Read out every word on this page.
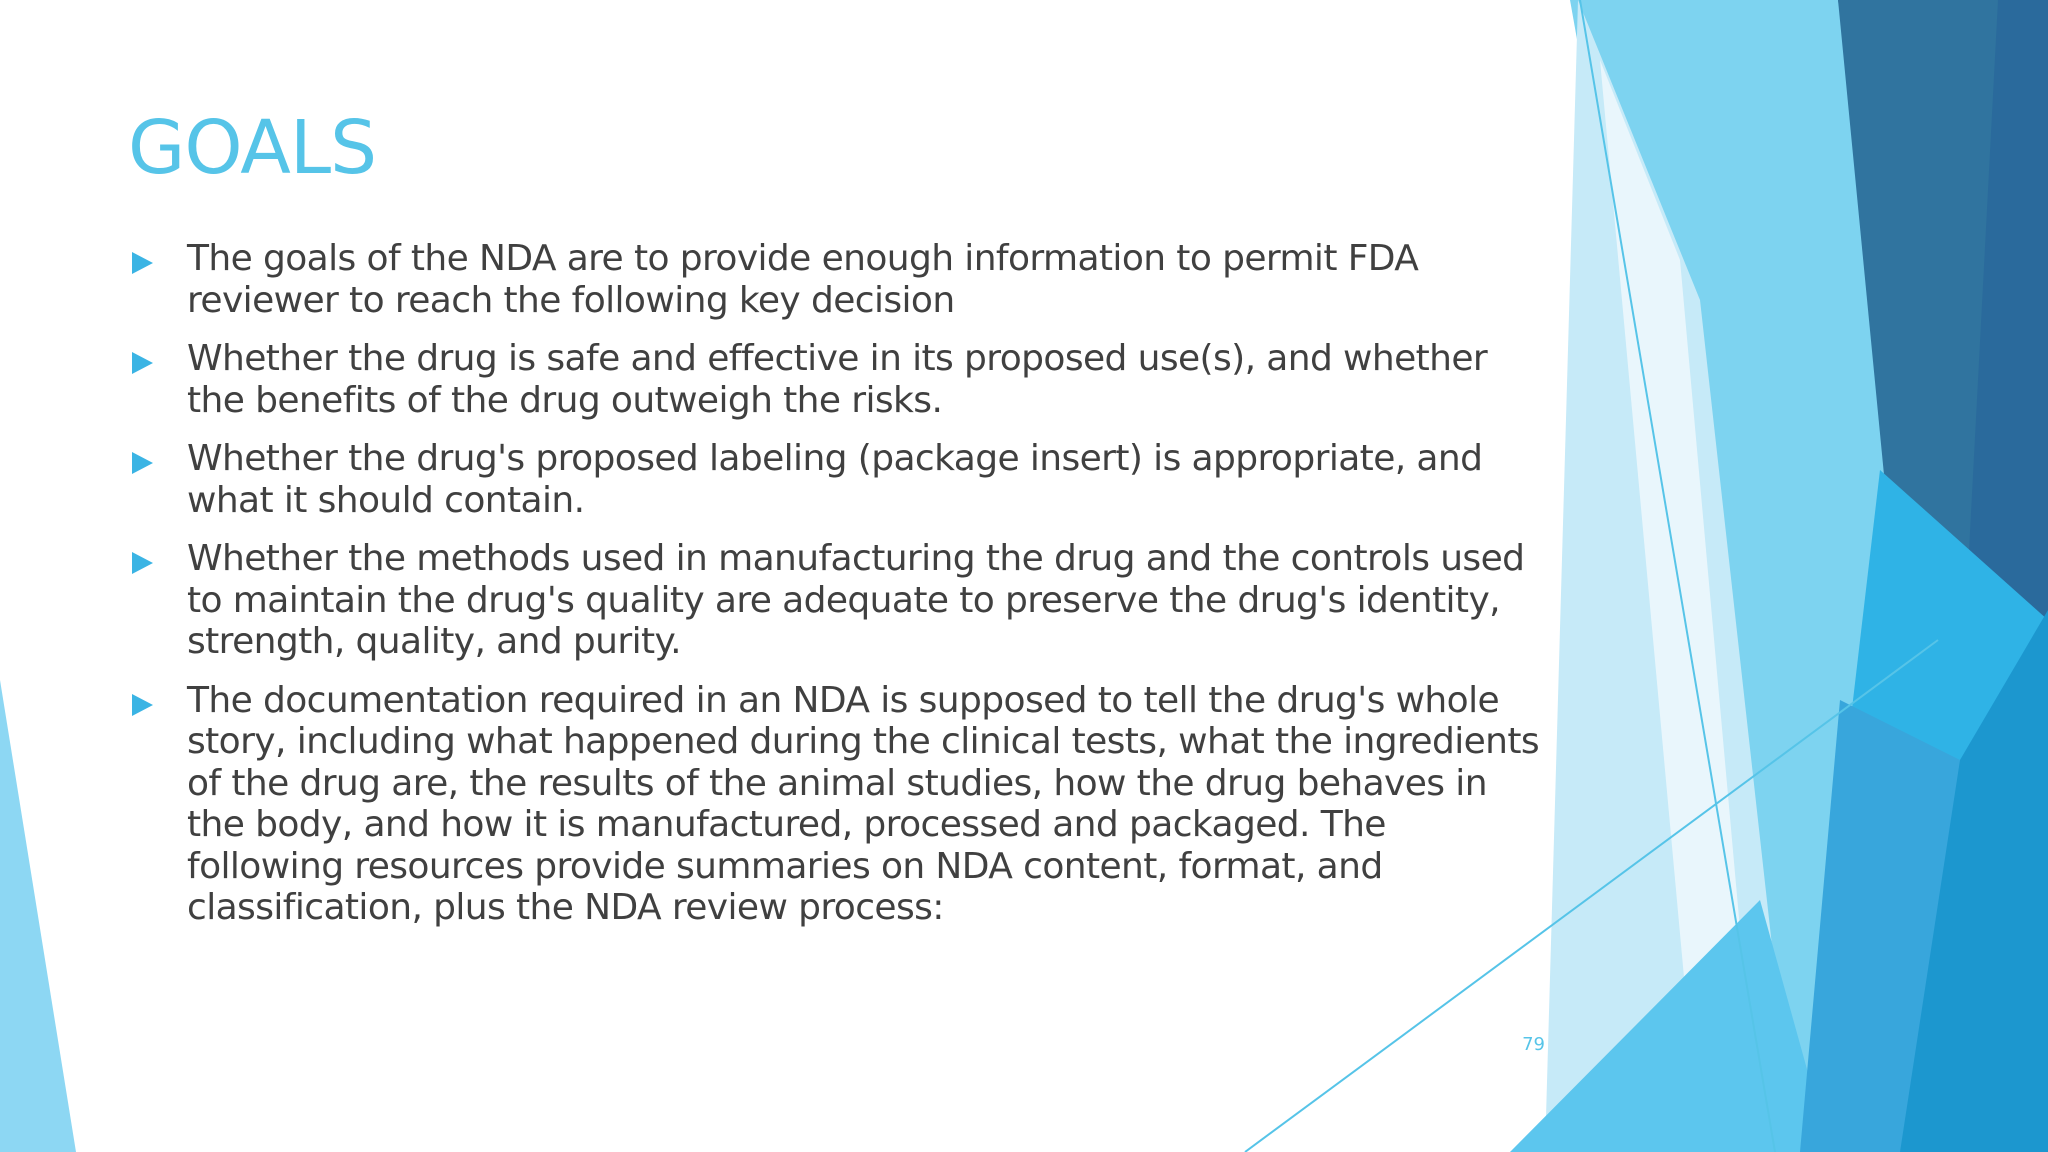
GOALS
The goals of the NDA are to provide enough information to permit FDA reviewer to reach the following key decision
Whether the drug is safe and effective in its proposed use(s), and whether the benefits of the drug outweigh the risks.
Whether the drug's proposed labeling (package insert) is appropriate, and what it should contain.
Whether the methods used in manufacturing the drug and the controls used to maintain the drug's quality are adequate to preserve the drug's identity, strength, quality, and purity.
The documentation required in an NDA is supposed to tell the drug's whole story, including what happened during the clinical tests, what the ingredients of the drug are, the results of the animal studies, how the drug behaves in the body, and how it is manufactured, processed and packaged. The following resources provide summaries on NDA content, format, and classification, plus the NDA review process:
79
